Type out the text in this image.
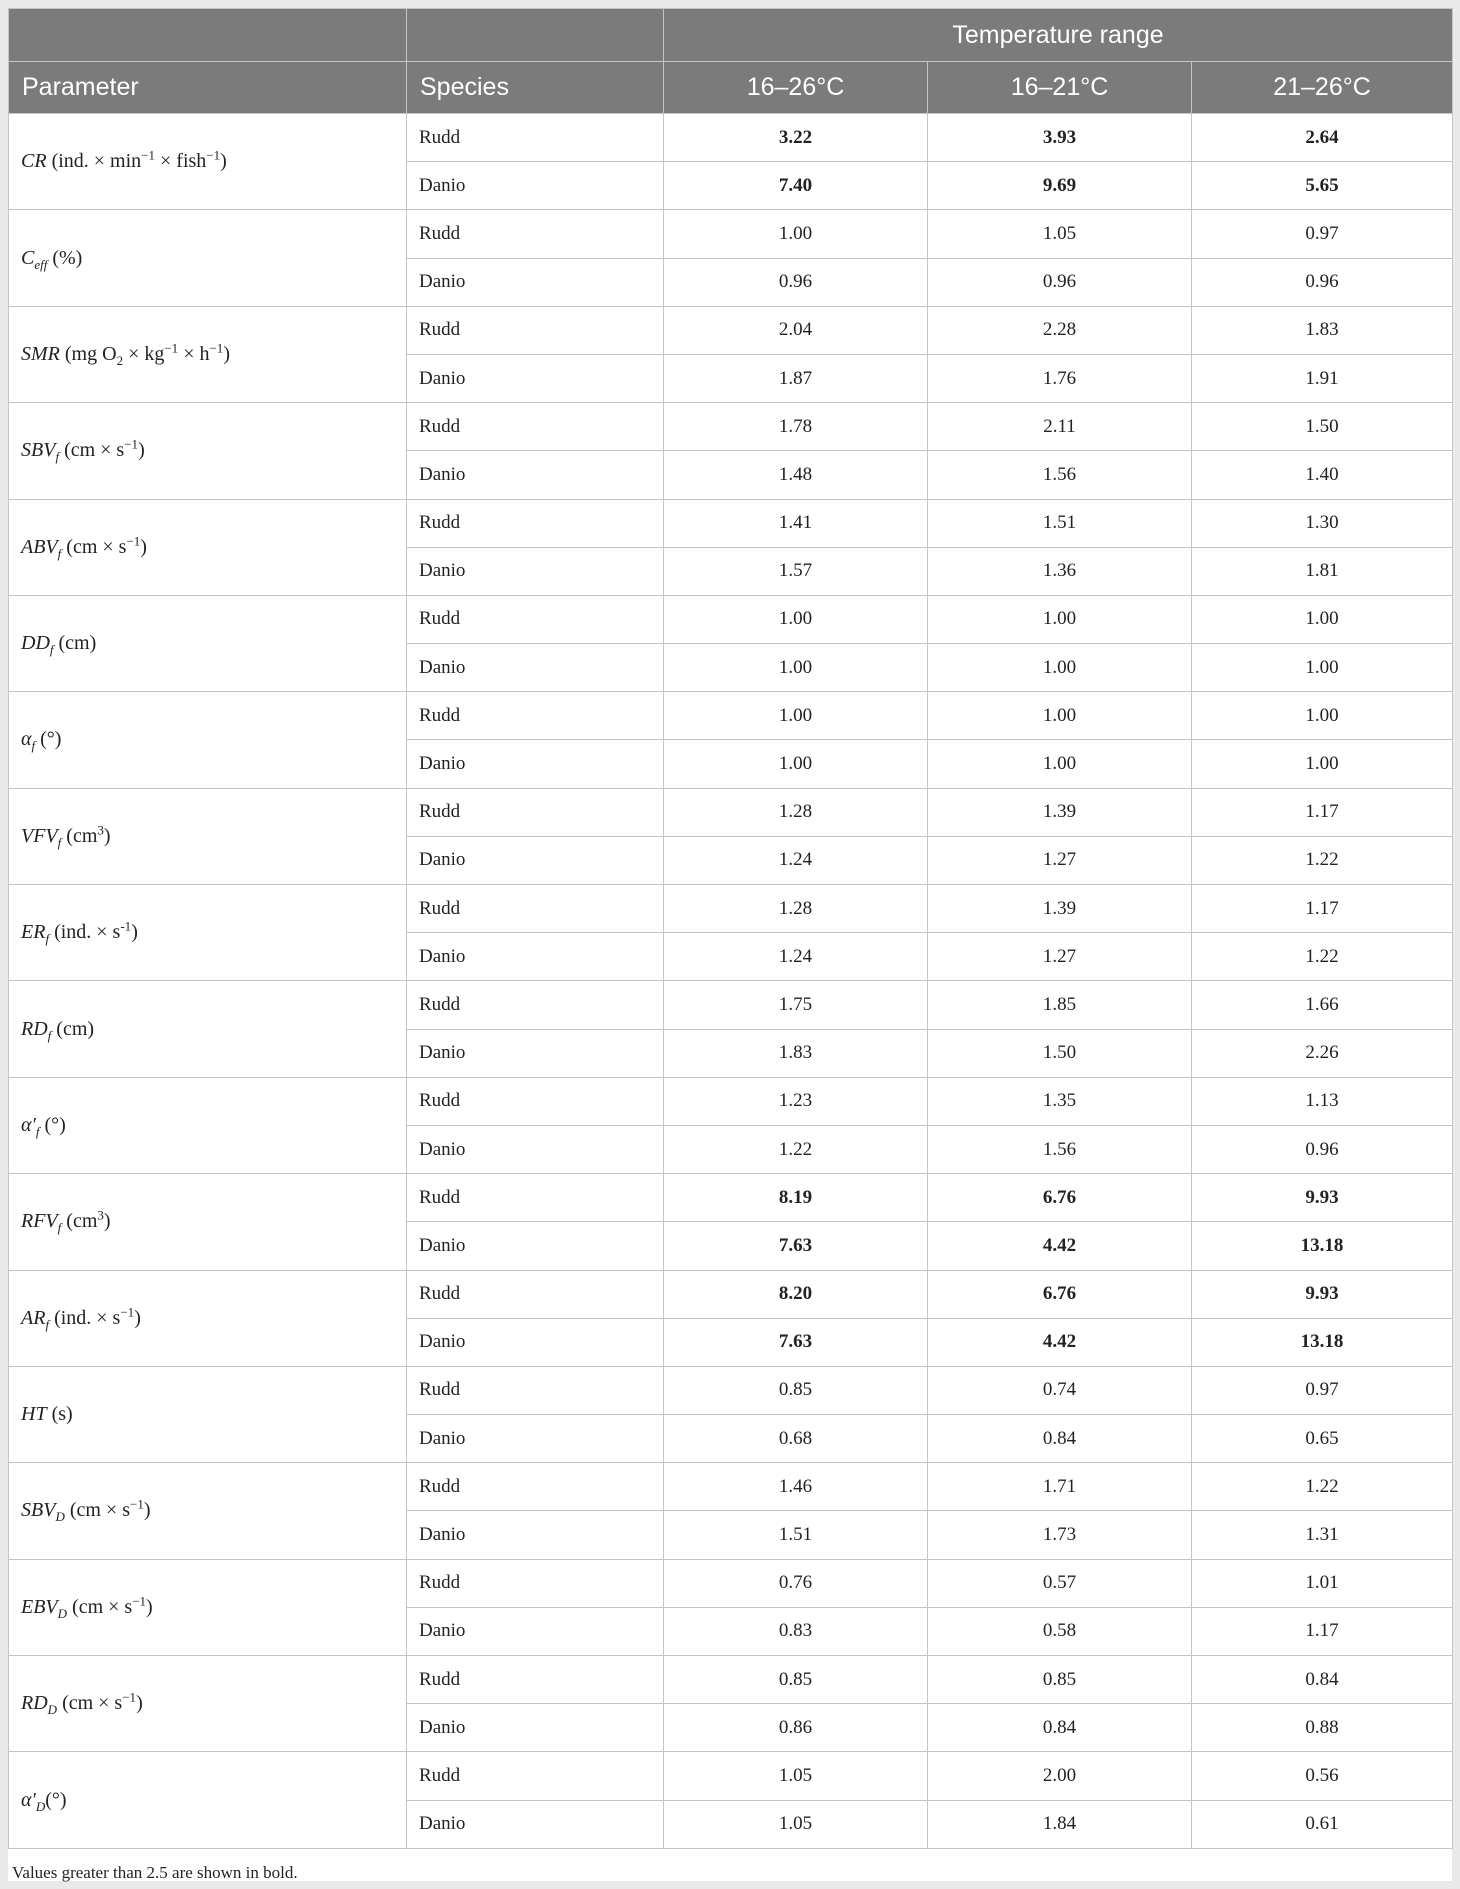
		Temperature range		
Parameter	Species	16–26°C	16–21°C	21–26°C
CR (ind. × $\min^{-1}$ × fish$^{-1}$)	Rudd	3.22	3.93	2.64
	Danio	7.40	9.69	5.65
$C_{eff}$ (%)	Rudd	1.00	1.05	0.97
	Danio	0.96	0.96	0.96
SMR (mg $O_2 \times kg^{-1} \times h^{-1}$)	Rudd	2.04	2.28	1.83
	Danio	1.87	1.76	1.91
$SBV_f$ $(cm \times s^{-1})$	Rudd	1.78	2.11	1.50
	Danio	1.48	1.56	1.40
$ABV_f$ $(cm \times s^{-1})$	Rudd	1.41	1.51	1.30
	Danio	1.57	1.36	1.81
$DD_f$ (cm)	Rudd	1.00	1.00	1.00
	Danio	1.00	1.00	1.00
$\alpha_f$ (°)	Rudd	1.00	1.00	1.00
	Danio	1.00	1.00	1.00
$VFV_f$ $(cm^3)$	Rudd	1.28	1.39	1.17
	Danio	1.24	1.27	1.22
$ER_f$ (ind. × $s^{-1}$)	Rudd	1.28	1.39	1.17
	Danio	1.24	1.27	1.22
$RD_f$ (cm)	Rudd	1.75	1.85	1.66
	Danio	1.83	1.50	2.26
$\alpha'_f$ (°)	Rudd	1.23	1.35	1.13
	Danio	1.22	1.56	0.96
$RFV_f$ $(cm^3)$	Rudd	8.19	6.76	9.93
	Danio	7.63	4.42	13.18
$AR_f$ (ind. × $s^{-1}$)	Rudd	8.20	6.76	9.93
	Danio	7.63	4.42	13.18
HT (s)	Rudd	0.85	0.74	0.97
	Danio	0.68	0.84	0.65
$SBV_D$ $(cm \times s^{-1})$	Rudd	1.46	1.71	1.22
	Danio	1.51	1.73	1.31
$EBV_D$ $(cm \times s^{-1})$	Rudd	0.76	0.57	1.01
	Danio	0.83	0.58	1.17
$RD_D$ $(cm \times s^{-1})$	Rudd	0.85	0.85	0.84
	Danio	0.86	0.84	0.88
$\alpha'_D(^\circ)$	Rudd	1.05	2.00	0.56
	Danio	1.05	1.84	0.61
Values greater than 2.5 are shown in bold.
